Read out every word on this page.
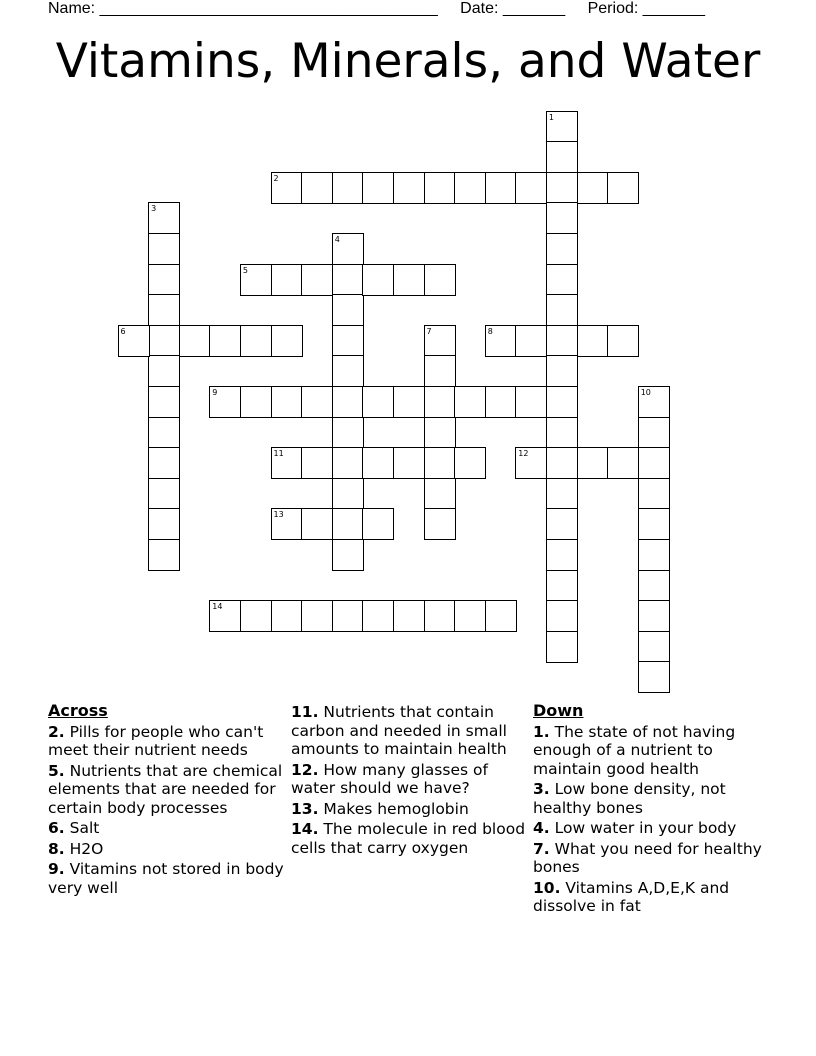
Name: ______________________________________ Date: _______ Period: _______
Vitamins, Minerals, and Water
1
2
3
4
5
6	7	8
9	10
11	12
13
14
Across
2. Pills for people who can't meet their nutrient needs
5. Nutrients that are chemical elements that are needed for certain body processes
6. Salt
8. H2O
9. Vitamins not stored in body very well
11. Nutrients that contain carbon and needed in small amounts to maintain health
12. How many glasses of water should we have?
13. Makes hemoglobin
14. The molecule in red blood cells that carry oxygen
Down
1. The state of not having enough of a nutrient to maintain good health
3. Low bone density, not healthy bones
4. Low water in your body
7. What you need for healthy bones
10. Vitamins A,D,E,K and dissolve in fat
